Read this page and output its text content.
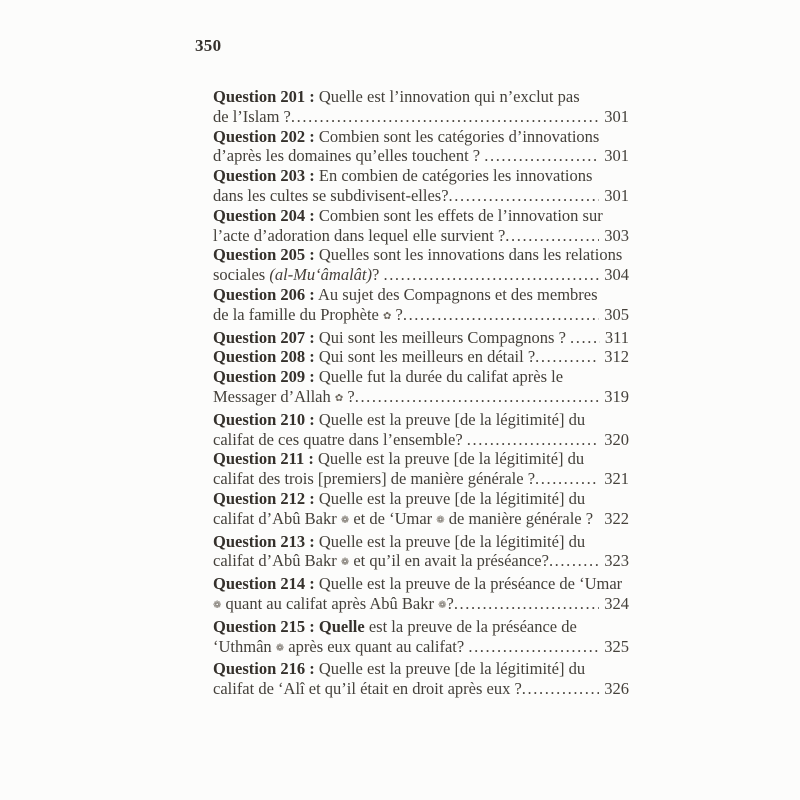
350
Question 201 : Quelle est l’innovation qui n’exclut pas
de l’Islam ? .....	301
Question 202 : Combien sont les catégories d’innovations
d’après les domaines qu’elles touchent ? .....	301
Question 203 : En combien de catégories les innovations
dans les cultes se subdivisent-elles? .....	301
Question 204 : Combien sont les effets de l’innovation sur
l’acte d’adoration dans lequel elle survient ? .....	303
Question 205 : Quelles sont les innovations dans les relations
sociales (al-Mu‘âmalât) ? .....	304
Question 206 : Au sujet des Compagnons et des membres
de la famille du Prophète ✿ ? .....	305
Question 207 : Qui sont les meilleurs Compagnons ? .....	311
Question 208 : Qui sont les meilleurs en détail ? .....	312
Question 209 : Quelle fut la durée du califat après le
Messager d’Allah ✿ ? .....	319
Question 210 : Quelle est la preuve [de la légitimité] du
califat de ces quatre dans l’ensemble? .....	320
Question 211 : Quelle est la preuve [de la légitimité] du
califat des trois [premiers] de manière générale ? .....	321
Question 212 : Quelle est la preuve [de la légitimité] du
califat d’Abû Bakr ❁ et de ‘Umar ❁ de manière générale ? 322
Question 213 : Quelle est la preuve [de la légitimité] du
califat d’Abû Bakr ❁ et qu’il en avait la préséance? .....	323
Question 214 : Quelle est la preuve de la préséance de ‘Umar
❁ quant au califat après Abû Bakr ❁ ? .....	324
Question 215 : Quelle est la preuve de la préséance de
‘Uthmân ❁ après eux quant au califat? .....	325
Question 216 : Quelle est la preuve [de la légitimité] du
califat de ‘Alî et qu’il était en droit après eux ? .....	326
